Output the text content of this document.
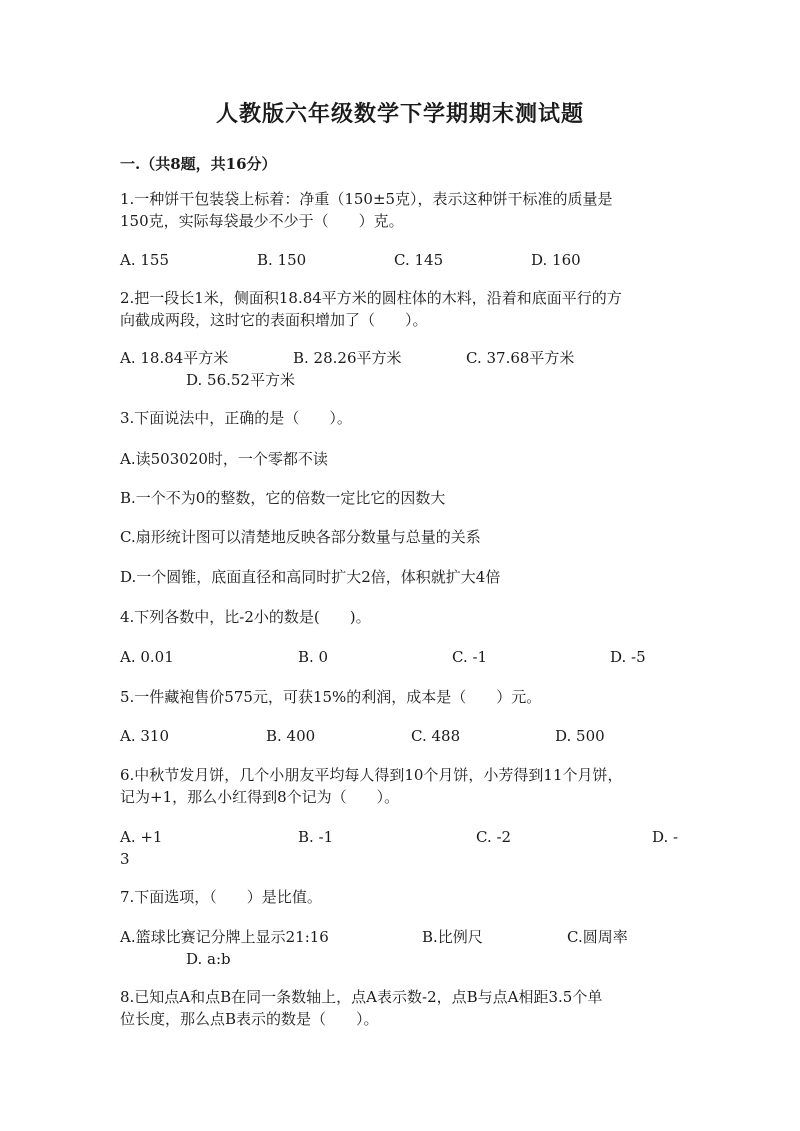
人教版六年级数学下学期期末测试题
一.（共8题，共16分）
1.一种饼干包装袋上标着：净重（150±5克），表示这种饼干标准的质量是
150克，实际每袋最少不少于（　　）克。
A. 155	B. 150	C. 145	D. 160
2.把一段长1米，侧面积18.84平方米的圆柱体的木料，沿着和底面平行的方
向截成两段，这时它的表面积增加了（　　）。
A. 18.84平方米	B. 28.26平方米	C. 37.68平方米
D. 56.52平方米
3.下面说法中，正确的是（　　）。
A.读503020时，一个零都不读
B.一个不为0的整数，它的倍数一定比它的因数大
C.扇形统计图可以清楚地反映各部分数量与总量的关系
D.一个圆锥，底面直径和高同时扩大2倍，体积就扩大4倍
4.下列各数中，比-2小的数是(　　)。
A. 0.01	B. 0	C. -1	D. -5
5.一件藏袍售价575元，可获15%的利润，成本是（　　）元。
A. 310	B. 400	C. 488	D. 500
6.中秋节发月饼，几个小朋友平均每人得到10个月饼，小芳得到11个月饼，
记为+1，那么小红得到8个记为（　　）。
A. +1	B. -1	C. -2	D. -
3
7.下面选项，（　　）是比值。
A.篮球比赛记分牌上显示21:16	B.比例尺	C.圆周率
D. a:b
8.已知点A和点B在同一条数轴上，点A表示数-2，点B与点A相距3.5个单
位长度，那么点B表示的数是（　　）。
